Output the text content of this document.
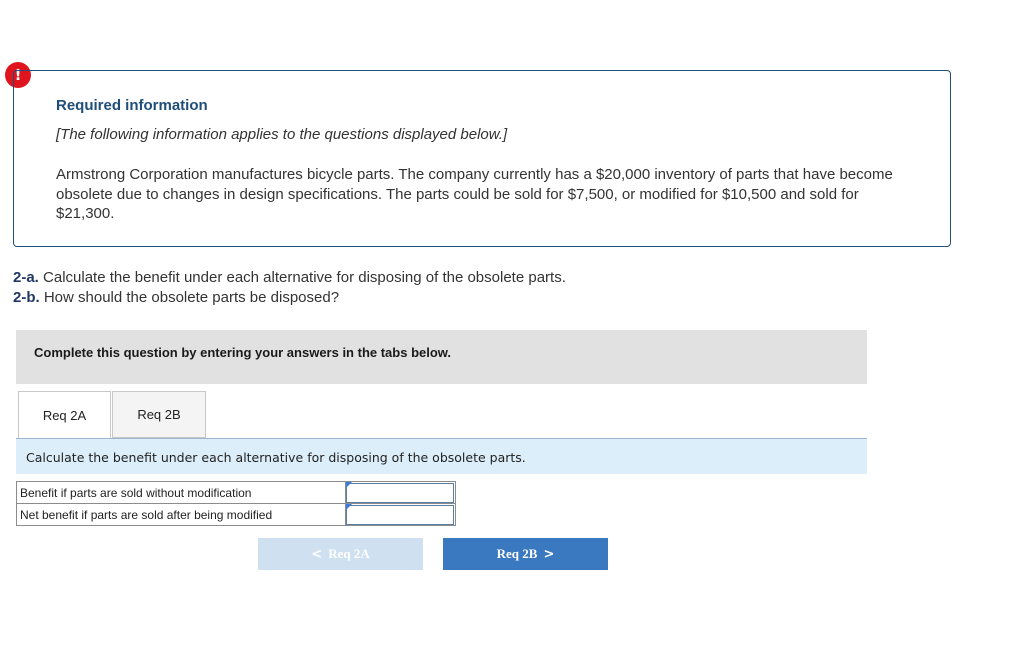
!
Required information
[The following information applies to the questions displayed below.]
Armstrong Corporation manufactures bicycle parts. The company currently has a $20,000 inventory of parts that have become obsolete due to changes in design specifications. The parts could be sold for $7,500, or modified for $10,500 and sold for $21,300.
2-a. Calculate the benefit under each alternative for disposing of the obsolete parts.
2-b. How should the obsolete parts be disposed?
Complete this question by entering your answers in the tabs below.
Req 2A	Req 2B
Calculate the benefit under each alternative for disposing of the obsolete parts.
Benefit if parts are sold without modification	

Net benefit if parts are sold after being modified	
< Req 2A	Req 2B >
